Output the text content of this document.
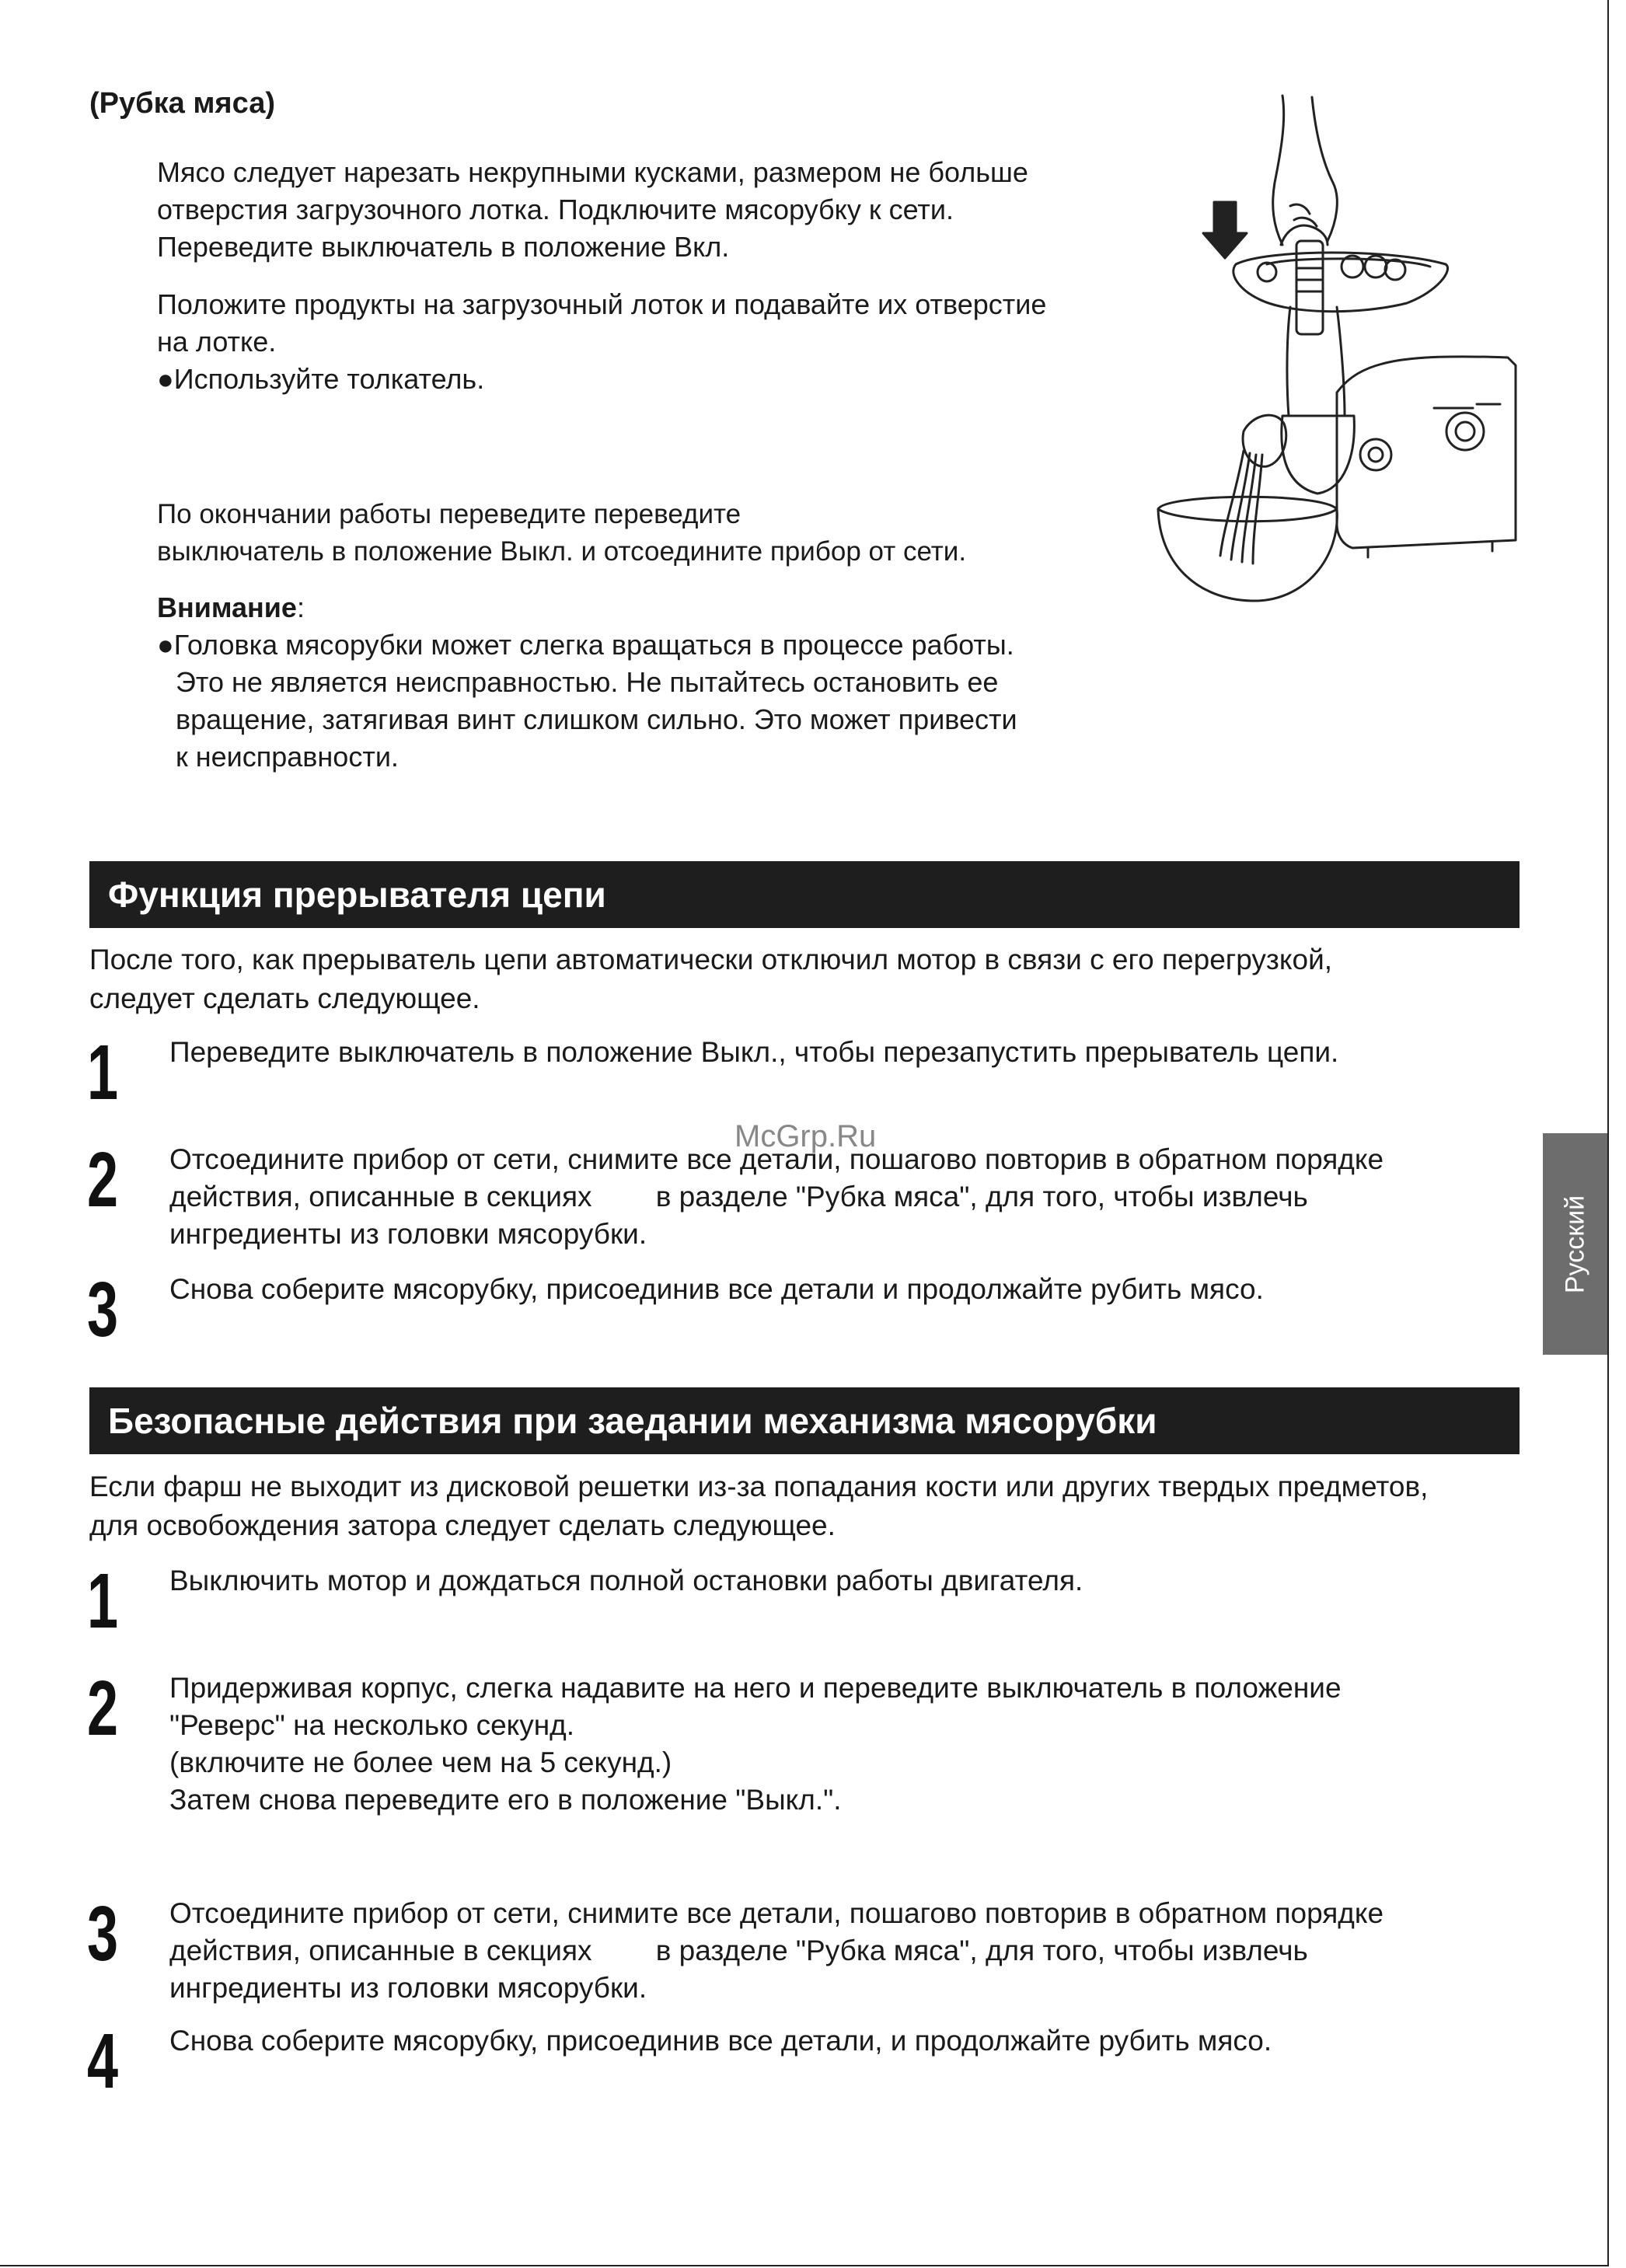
(Рубка мяса)
Мясо следует нарезать некрупными кусками, размером не больше
отверстия загрузочного лотка. Подключите мясорубку к сети.
Переведите выключатель в положение Вкл.
Положите продукты на загрузочный лоток и подавайте их отверстие
на лотке.
●Используйте толкатель.
По окончании работы переведите переведите
выключатель в положение Выкл. и отсоедините прибор от сети.
Внимание:
●Головка мясорубки может слегка вращаться в процессе работы.
Это не является неисправностью. Не пытайтесь остановить ее
вращение, затягивая винт слишком сильно. Это может привести
к неисправности.
Функция прерывателя цепи
После того, как прерыватель цепи автоматически отключил мотор в связи с его перегрузкой,
следует сделать следующее.
1 Переведите выключатель в положение Выкл., чтобы перезапустить прерыватель цепи.
2 Отсоедините прибор от сети, снимите все детали, пошагово повторив в обратном порядке
действия, описанные в секциях        в разделе "Рубка мяса", для того, чтобы извлечь
ингредиенты из головки мясорубки.
3 Снова соберите мясорубку, присоединив все детали и продолжайте рубить мясо.
McGrp.Ru
Русский
Безопасные действия при заедании механизма мясорубки
Если фарш не выходит из дисковой решетки из-за попадания кости или других твердых предметов,
для освобождения затора следует сделать следующее.
1 Выключить мотор и дождаться полной остановки работы двигателя.
2 Придерживая корпус, слегка надавите на него и переведите выключатель в положение
"Реверс" на несколько секунд.
(включите не более чем на 5 секунд.)
Затем снова переведите его в положение "Выкл.".
3 Отсоедините прибор от сети, снимите все детали, пошагово повторив в обратном порядке
действия, описанные в секциях        в разделе "Рубка мяса", для того, чтобы извлечь
ингредиенты из головки мясорубки.
4 Снова соберите мясорубку, присоединив все детали, и продолжайте рубить мясо.
